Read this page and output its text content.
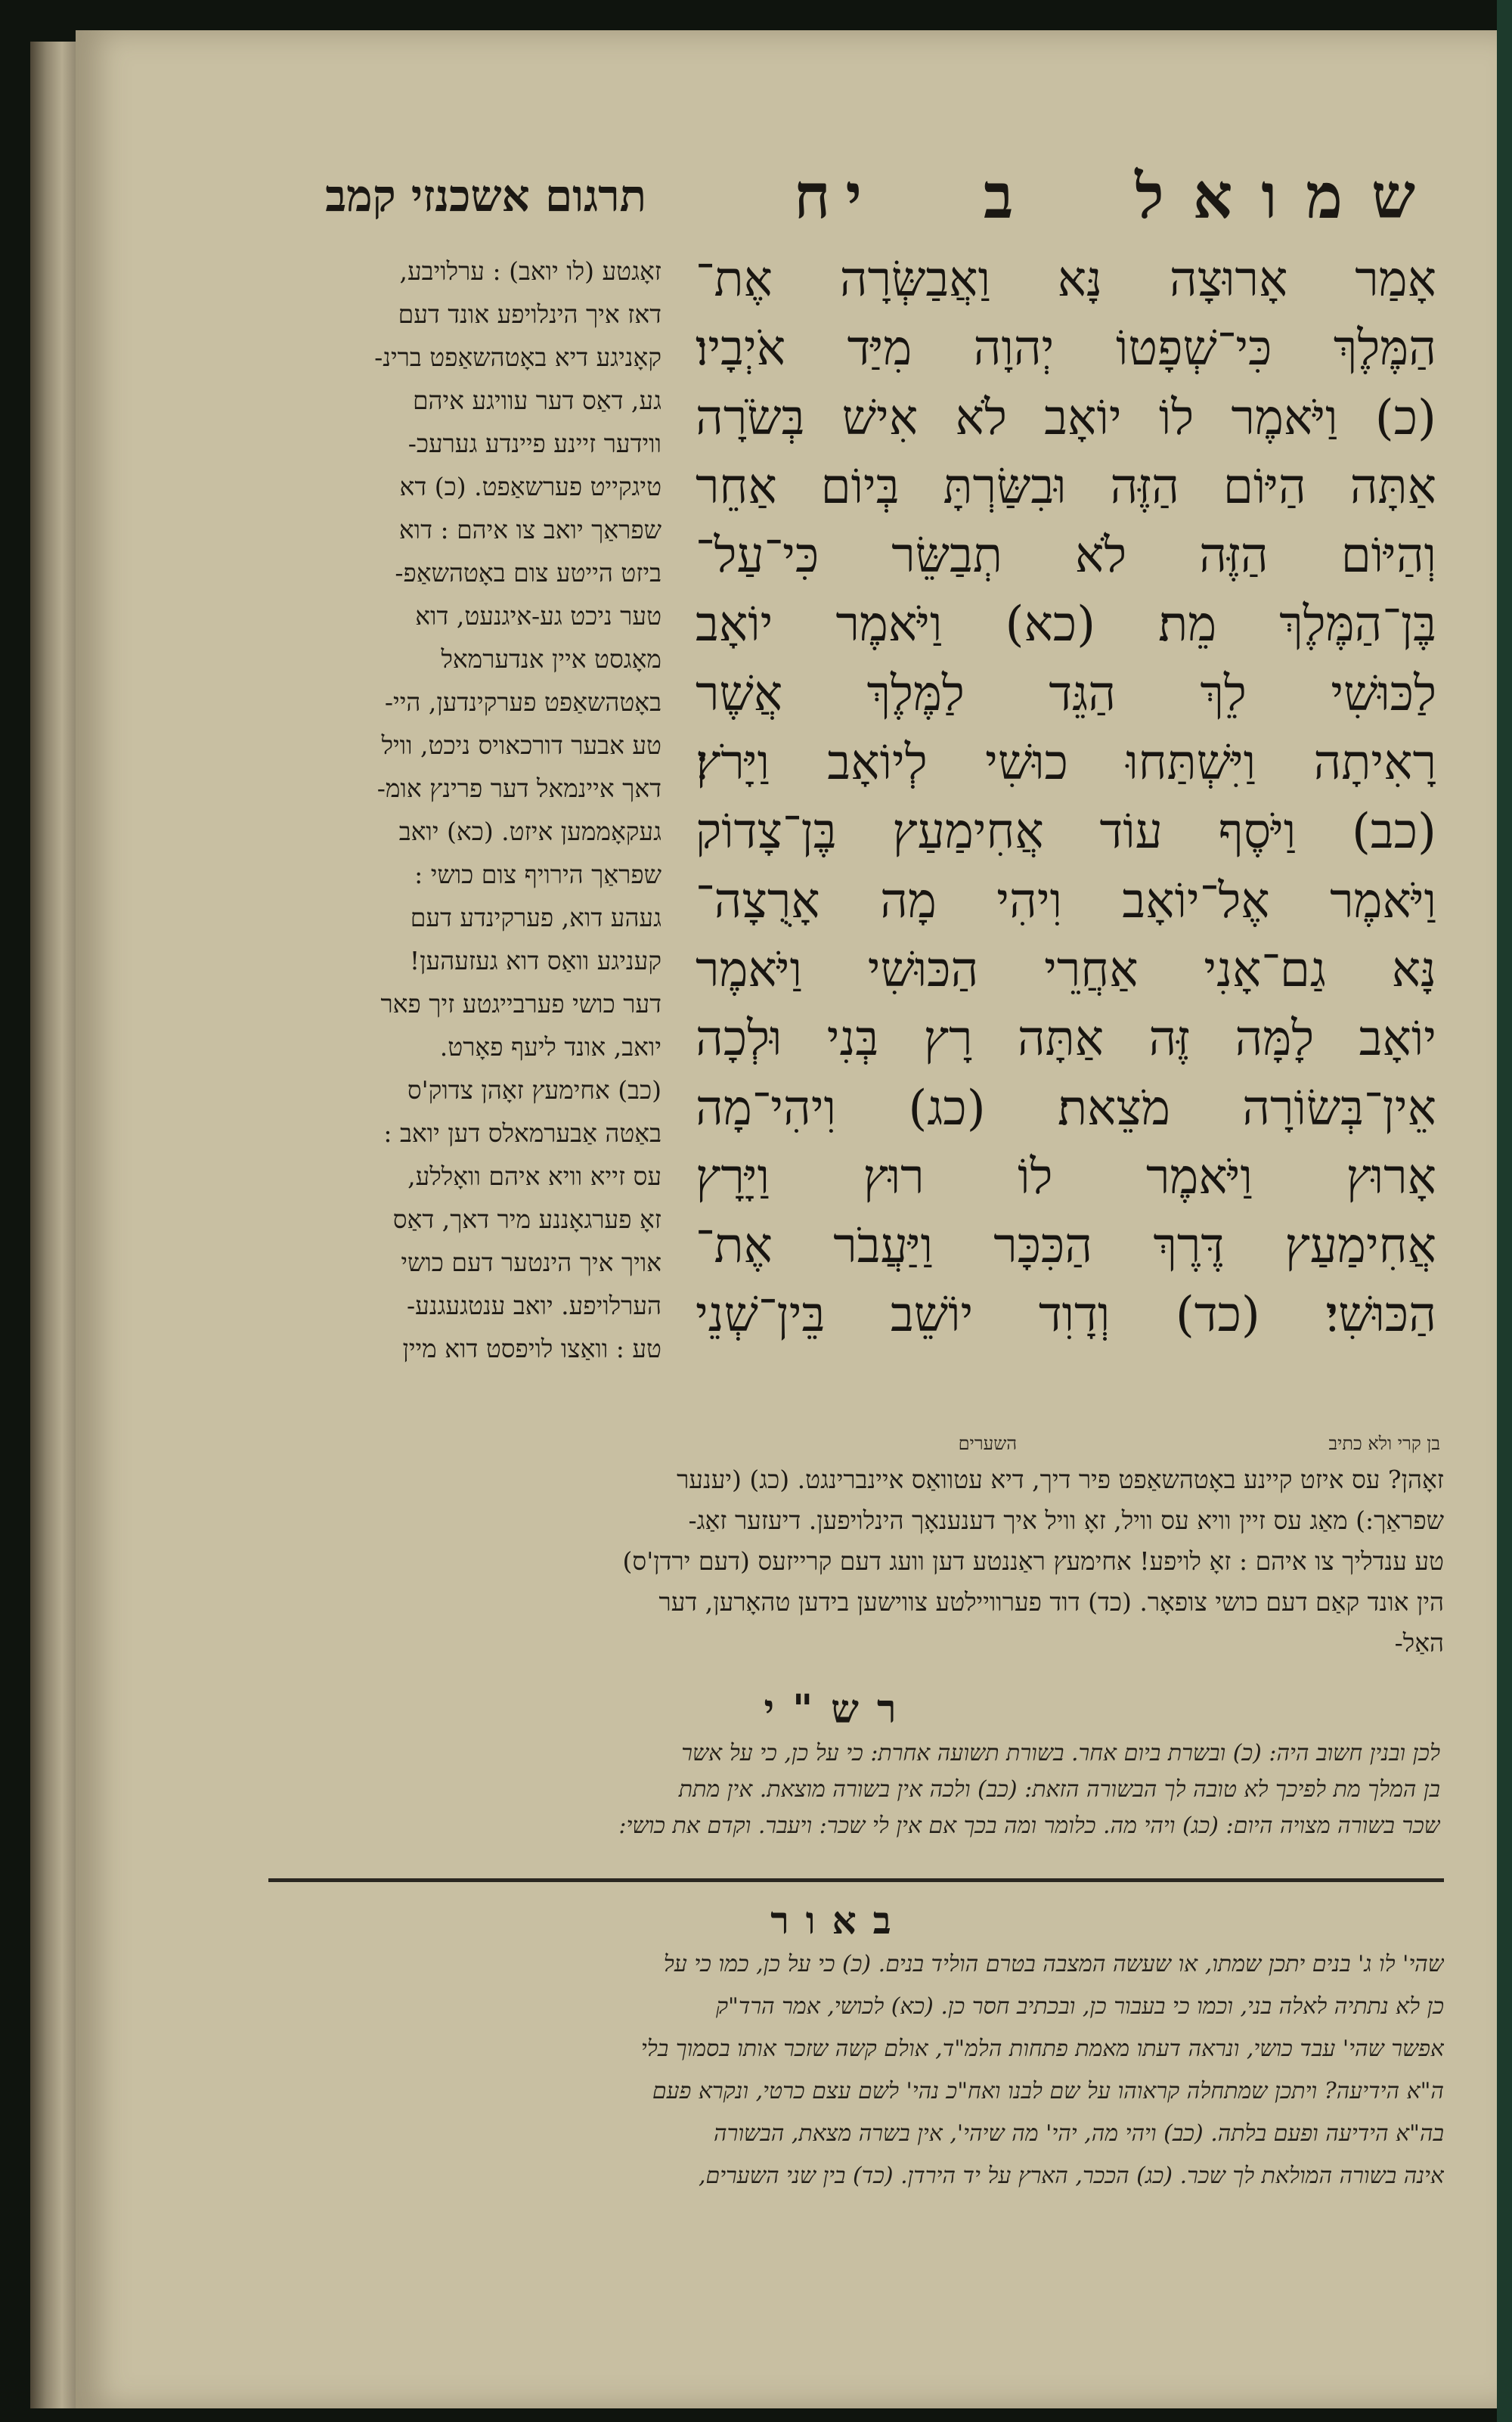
שמואל
ב
יח
תרגום אשכנזי קמב
אָמַר אָרוּצָה נָּא וַאֲבַשְּׂרָה אֶת־
הַמֶּלֶךְ כִּי־שְׁפָטוֹ יְהוָה מִיַּד אֹיְבָיו׃
(כ) וַיֹּאמֶר לוֹ יוֹאָב לֹא אִישׁ בְּשֹׂרָה
אַתָּה הַיּוֹם הַזֶּה וּבִשַּׂרְתָּ בְּיוֹם אַחֵר
וְהַיּוֹם הַזֶּה לֹא תְבַשֵּׂר כִּי־עַל־
בֶּן־הַמֶּלֶךְ מֵת׃ (כא) וַיֹּאמֶר יוֹאָב
לַכּוּשִׁי לֵךְ הַגֵּד לַמֶּלֶךְ אֲשֶׁר
רָאִיתָה וַיִּשְׁתַּחוּ כוּשִׁי לְיוֹאָב וַיָּרֹץ׃
(כב) וַיֹּסֶף עוֹד אֲחִימַעַץ בֶּן־צָדוֹק
וַיֹּאמֶר אֶל־יוֹאָב וִיהִי מָה אָרֻצָה־
נָּא גַם־אָנִי אַחֲרֵי הַכּוּשִׁי וַיֹּאמֶר
יוֹאָב לָמָּה זֶּה אַתָּה רָץ בְּנִי וּלְכָה
אֵין־בְּשׂוֹרָה מֹצֵאת׃ (כג) וִיהִי־מָה
אָרוּץ וַיֹּאמֶר לוֹ רוּץ וַיָּרָץ
אֲחִימַעַץ דֶּרֶךְ הַכִּכָּר וַיַּעֲבֹר אֶת־
הַכּוּשִׁי׃ (כד) וְדָוִד יוֹשֵׁב בֵּין־שְׁנֵי
זאָגטע (לו יואב) : ערלויבע,
דאז איך הינלויפע אונד דעם
קאָניגע דיא באָטהשאַפט ברינ-
גע, דאַס דער עוויגע איהם
ווידער זיינע פיינדע גערעכ-
טיגקייט פערשאַפט. (כ) דא
שפראַך יואב צו איהם : דוא
ביזט הייטע צום באָטהשאַפ-
טער ניכט גע-איגנעט, דוא
מאָגסט איין אנדערמאל
באָטהשאַפט פערקינדען, היי-
טע אבער דורכאויס ניכט, וויל
דאך איינמאל דער פרינץ אומ-
געקאָממען איזט. (כא) יואב
שפראַך הירויף צום כושי :
געהע דוא, פערקינדע דעם
קעניגע וואַס דוא געזעהען!
דער כושי פערבייגטע זיך פאר
יואב, אונד ליעף פאָרט.
(כב) אחימעץ זאָהן צדוק'ס
באַטה אַבערמאלס דען יואב :
עס זייא וויא איהם וואָללע,
זאָ פערגאָננע מיר דאך, דאַס
אויך איך הינטער דעם כושי
הערלויפע. יואב ענטגעגנע-
טע : וואַצו לויפסט דוא מיין
בן קרי ולא כתיב
השערים
זאָהן? עס איזט קיינע באָטהשאַפט פיר דיך, דיא עטוואַס איינברינגט. (כג) (יענער
שפראַך:) מאַג עס זיין וויא עס וויל, זאָ וויל איך דענענאָך הינלויפען. דיעזער זאַג-
טע ענדליך צו איהם : זאָ לויפע! אחימעץ ראַננטע דען וועג דעם קרייזעס (דעם ירדן'ס)
הין אונד קאַם דעם כושי צופאָר. (כד) דוד פערוויילטע צווישען בידען טהאָרען, דער
האַל-
רש"י
לכן ובנין חשוב היה: (כ) ובשרת ביום אחר. בשורת תשועה אחרת: כי על כן, כי על אשר
בן המלך מת לפיכך לא טובה לך הבשורה הזאת: (כב) ולכה אין בשורה מוצאת. אין מתת
שכר בשורה מצויה היום: (כג) ויהי מה. כלומר ומה בכך אם אין לי שכר: ויעבר. וקדם את כושי:
באור
שהי' לו ג' בנים יתכן שמתו, או שעשה המצבה בטרם הוליד בנים. (כ) כי על כן, כמו כי על
כן לא נתתיה לאלה בני, וכמו כי בעבור כן, ובכתיב חסר כן. (כא) לכושי, אמר הרד"ק
אפשר שהי' עבד כושי, ונראה דעתו מאמת פתחות הלמ"ד, אולם קשה שזכר אותו בסמוך בלי
ה"א הידיעה? ויתכן שמתחלה קראוהו על שם לבנו ואח"כ נהי' לשם עצם כרטי, ונקרא פעם
בה"א הידיעה ופעם בלתה. (כב) ויהי מה, יהי' מה שיהי', אין בשרה מצאת, הבשורה
אינה בשורה המולאת לך שכר. (כג) הככר, הארץ על יד הירדן. (כד) בין שני השערים,
